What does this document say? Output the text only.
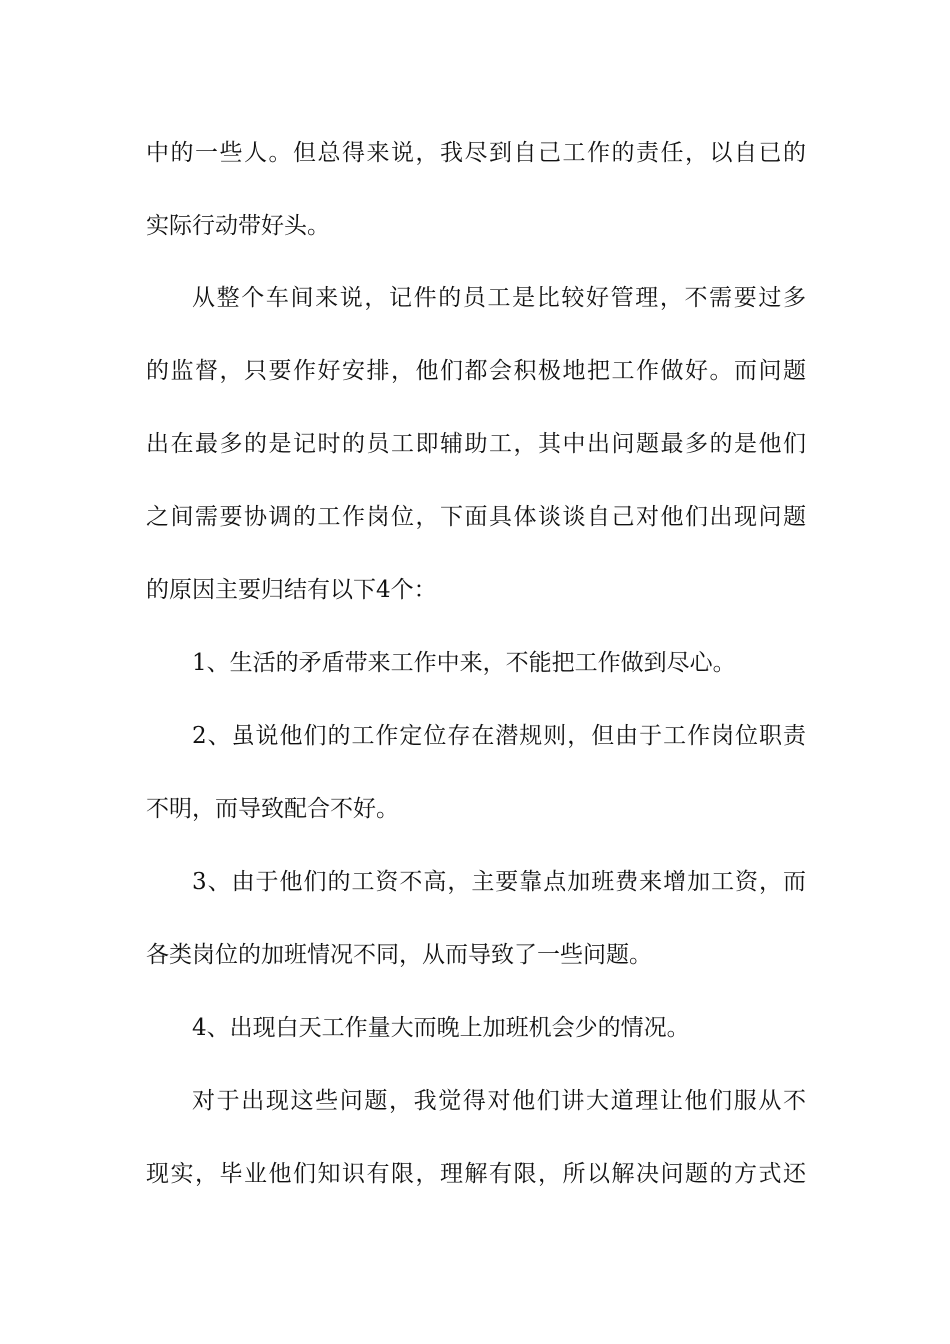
中的一些人。但总得来说，我尽到自己工作的责任，以自已的
实际行动带好头。
从整个车间来说，记件的员工是比较好管理，不需要过多
的监督，只要作好安排，他们都会积极地把工作做好。而问题
出在最多的是记时的员工即辅助工，其中出问题最多的是他们
之间需要协调的工作岗位，下面具体谈谈自己对他们出现问题
的原因主要归结有以下4个：
1、生活的矛盾带来工作中来，不能把工作做到尽心。
2、虽说他们的工作定位存在潜规则，但由于工作岗位职责
不明，而导致配合不好。
3、由于他们的工资不高，主要靠点加班费来增加工资，而
各类岗位的加班情况不同，从而导致了一些问题。
4、出现白天工作量大而晚上加班机会少的情况。
对于出现这些问题，我觉得对他们讲大道理让他们服从不
现实，毕业他们知识有限，理解有限，所以解决问题的方式还
